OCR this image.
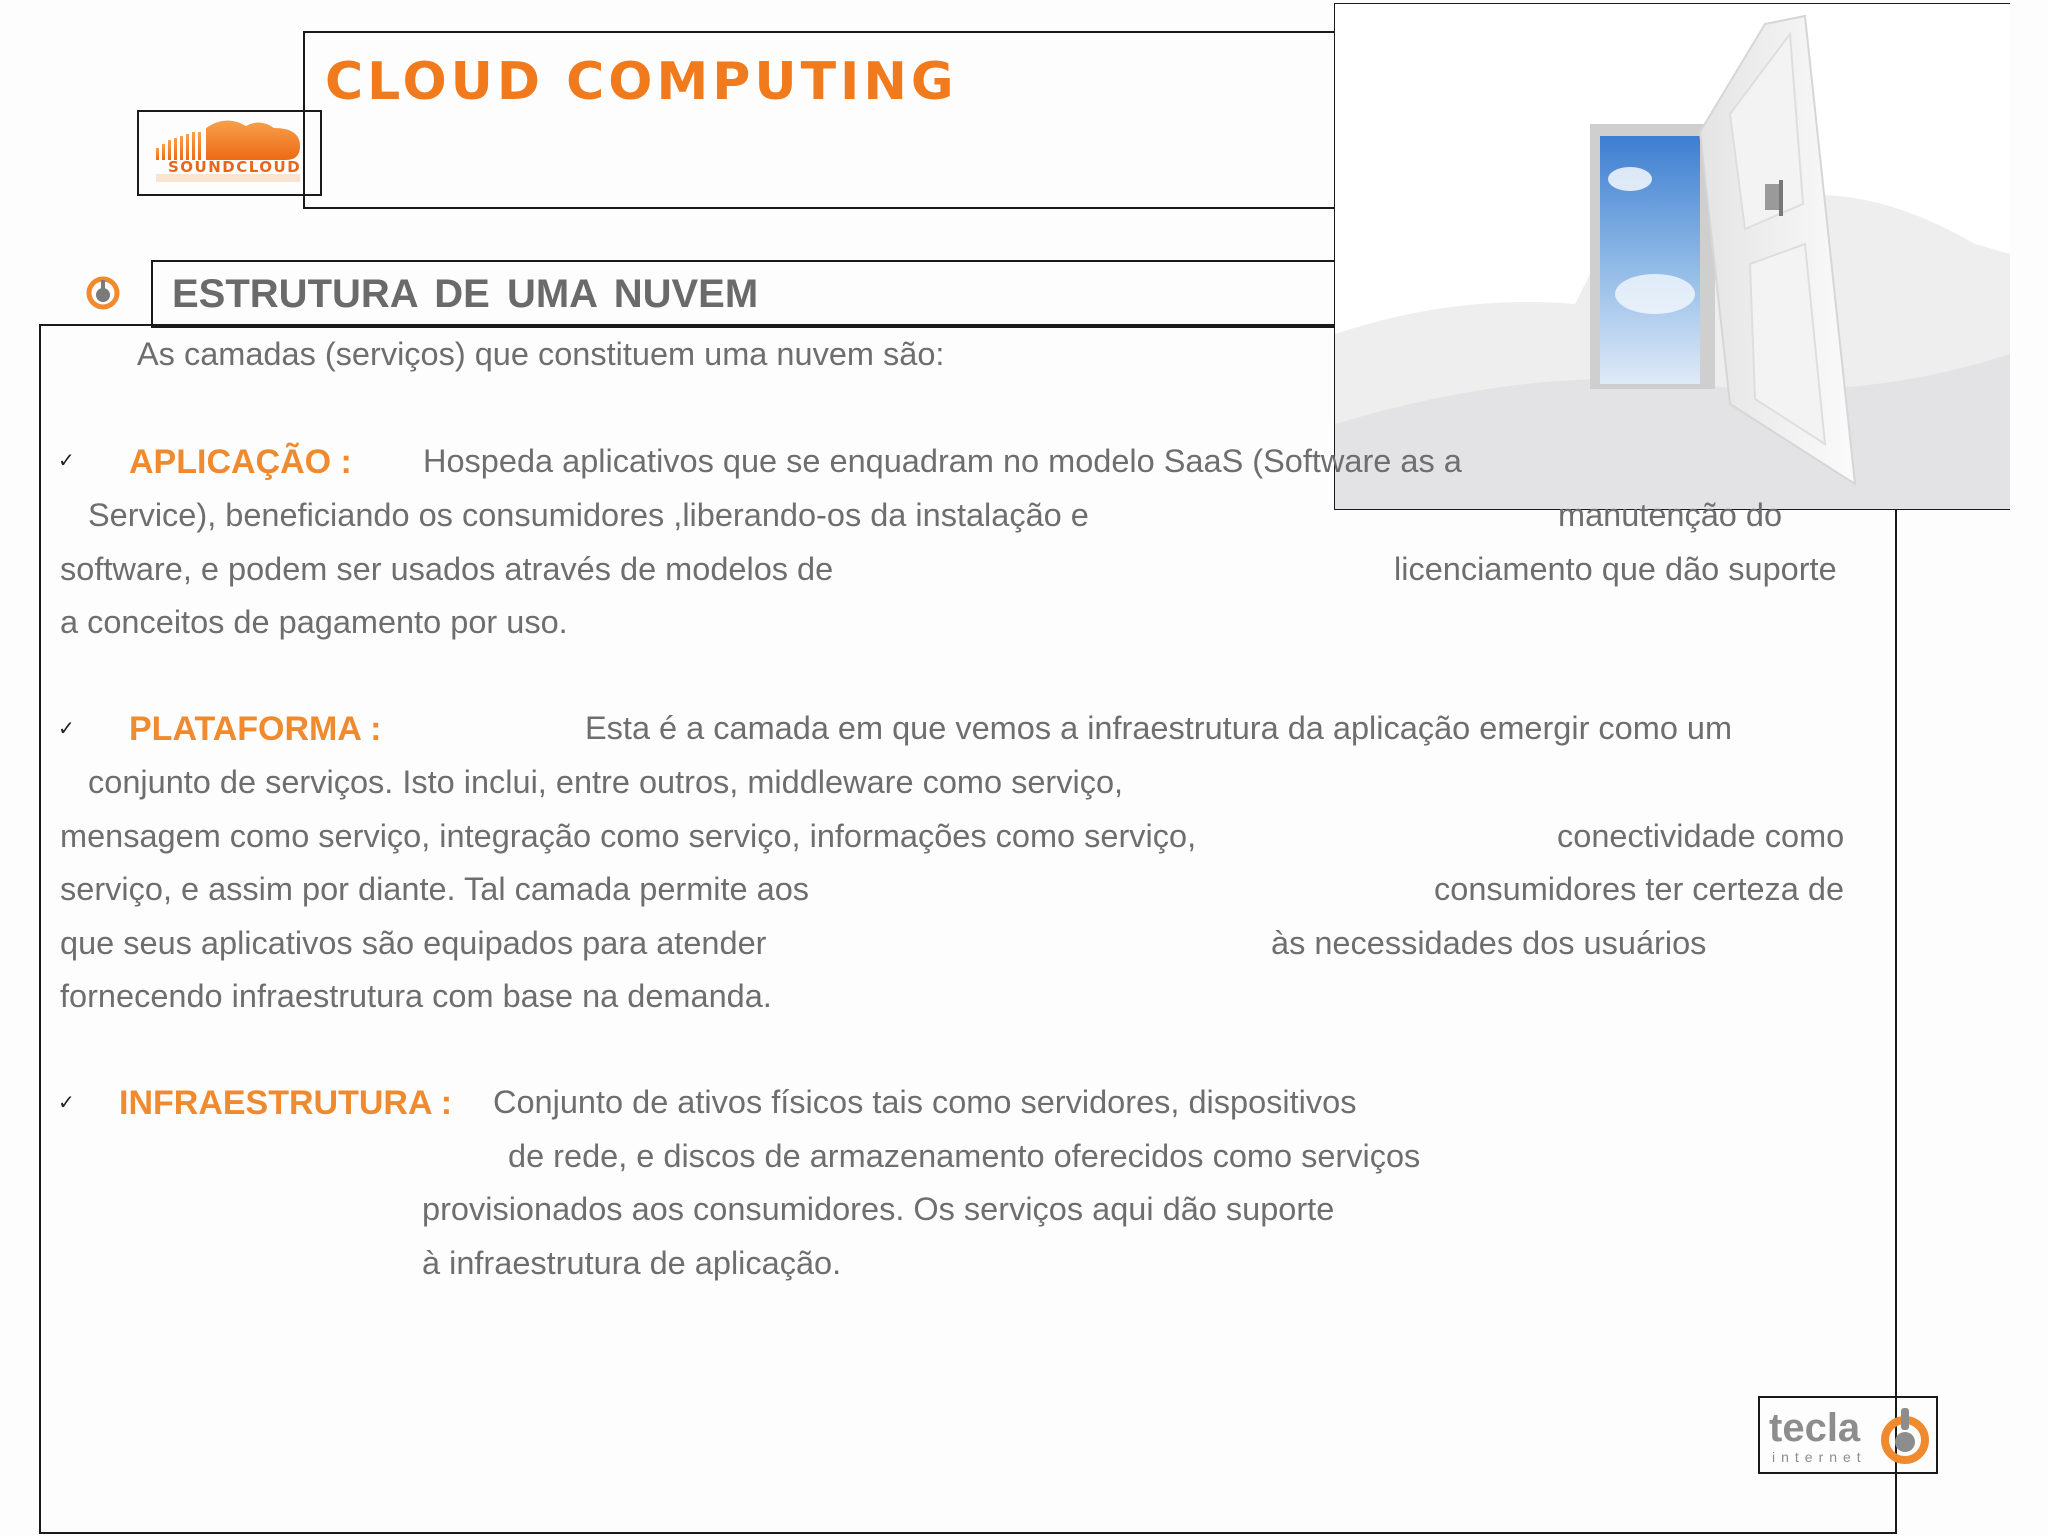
CLOUD COMPUTING
SOUNDCLOUD
ESTRUTURA DE UMA NUVEM
As camadas (serviços) que constituem uma nuvem são:
✓ APLICAÇÃO : Hospeda aplicativos que se enquadram no modelo SaaS (Software as a
Service), beneficiando os consumidores ,liberando-os da instalação e	manutenção do
software, e podem ser usados através de modelos de	licenciamento que dão suporte
a conceitos de pagamento por uso.
✓ PLATAFORMA :	Esta é a camada em que vemos a infraestrutura da aplicação emergir como um
conjunto de serviços. Isto inclui, entre outros, middleware como serviço,
mensagem como serviço, integração como serviço, informações como serviço,	conectividade como
serviço, e assim por diante. Tal camada permite aos	consumidores ter certeza de
que seus aplicativos são equipados para atender	às necessidades dos usuários
fornecendo infraestrutura com base na demanda.
✓ INFRAESTRUTURA : Conjunto de ativos físicos tais como servidores, dispositivos
de rede, e discos de armazenamento oferecidos como serviços
provisionados aos consumidores. Os serviços aqui dão suporte
à infraestrutura de aplicação.
tecla
internet
